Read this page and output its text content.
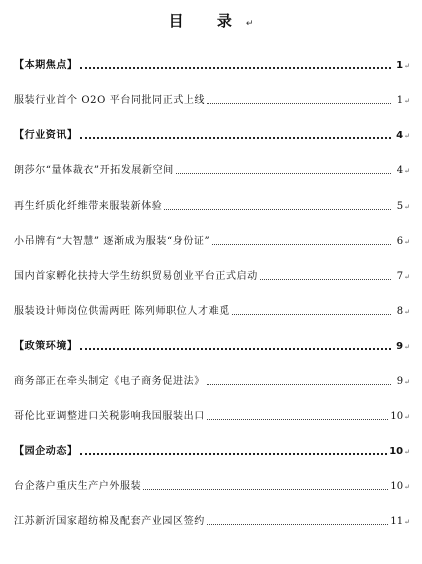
目 录↵
【本期焦点】	1 ↵
服装行业首个 O2O 平台同批同正式上线	1 ↵
【行业资讯】	4 ↵
朗莎尔“量体裁衣”开拓发展新空间	4 ↵
再生纤质化纤维带来服装新体验	5 ↵
小吊牌有“大智慧” 逐渐成为服装“身份证”	6 ↵
国内首家孵化扶持大学生纺织贸易创业平台正式启动	7 ↵
服装设计师岗位供需两旺 陈列师职位人才难觅	8 ↵
【政策环境】	9 ↵
商务部正在牵头制定《电子商务促进法》	9 ↵
哥伦比亚调整进口关税影响我国服装出口	10 ↵
【园企动态】	10 ↵
台企落户重庆生产户外服装	10 ↵
江苏新沂国家超纺棉及配套产业园区签约	11 ↵
